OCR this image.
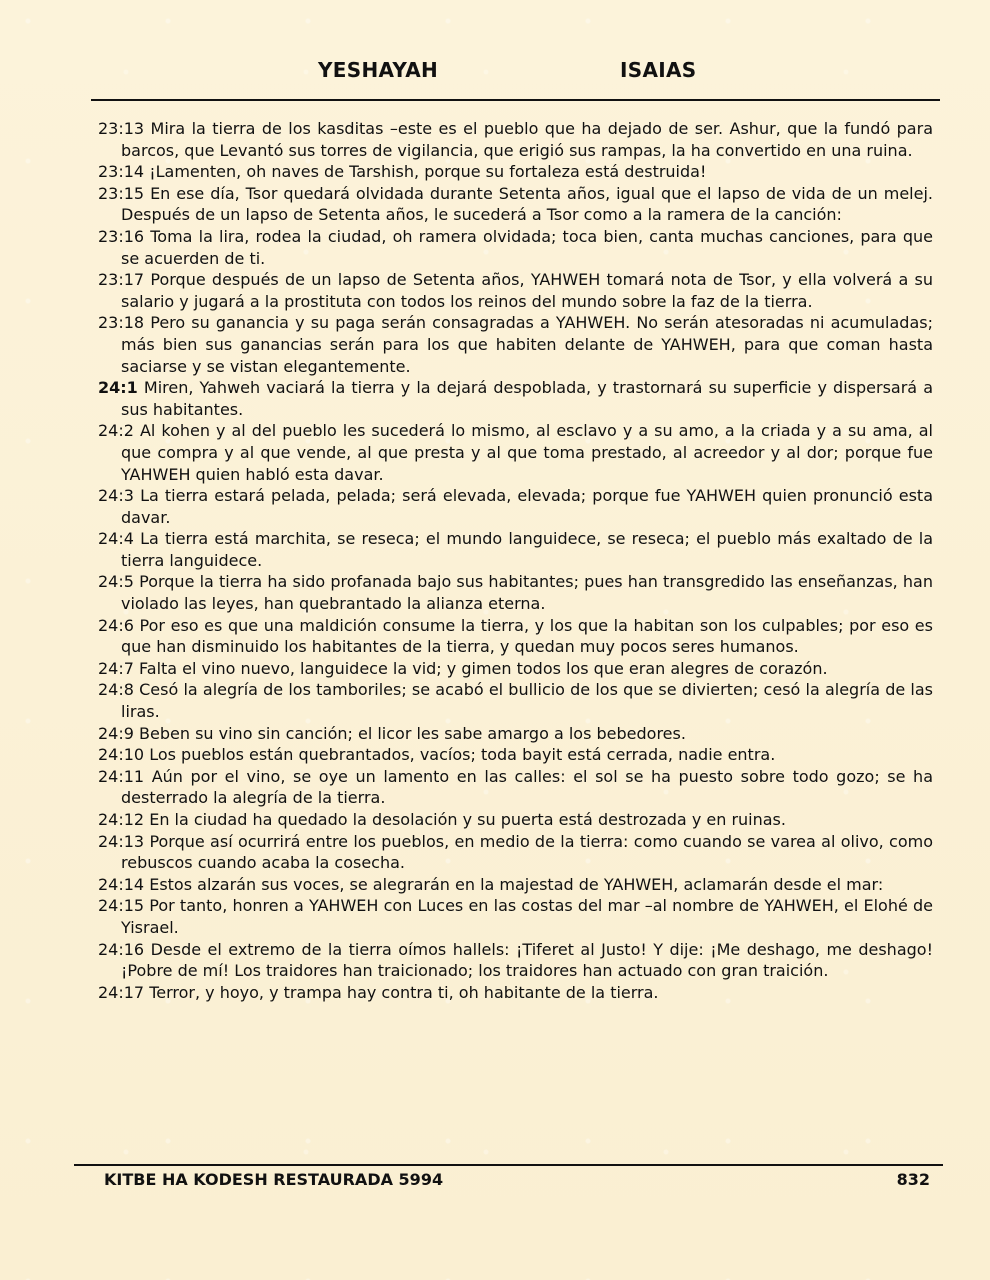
YESHAYAH	ISAIAS

23:13 Mira la tierra de los kasditas –este es el pueblo que ha dejado de ser. Ashur, que la fundó para barcos, que Levantó sus torres de vigilancia, que erigió sus rampas, la ha convertido en una ruina.

23:14 ¡Lamenten, oh naves de Tarshish, porque su fortaleza está destruida!

23:15 En ese día, Tsor quedará olvidada durante Setenta años, igual que el lapso de vida de un melej. Después de un lapso de Setenta años, le sucederá a Tsor como a la ramera de la canción:

23:16 Toma la lira, rodea la ciudad, oh ramera olvidada; toca bien, canta muchas canciones, para que se acuerden de ti.

23:17 Porque después de un lapso de Setenta años, YAHWEH tomará nota de Tsor, y ella volverá a su salario y jugará a la prostituta con todos los reinos del mundo sobre la faz de la tierra.

23:18 Pero su ganancia y su paga serán consagradas a YAHWEH. No serán atesoradas ni acumuladas; más bien sus ganancias serán para los que habiten delante de YAHWEH, para que coman hasta saciarse y se vistan elegantemente.

24:1 Miren, Yahweh vaciará la tierra y la dejará despoblada, y trastornará su superficie y dispersará a sus habitantes.

24:2 Al kohen y al del pueblo les sucederá lo mismo, al esclavo y a su amo, a la criada y a su ama, al que compra y al que vende, al que presta y al que toma prestado, al acreedor y al dor; porque fue YAHWEH quien habló esta davar.

24:3 La tierra estará pelada, pelada; será elevada, elevada; porque fue YAHWEH quien pronunció esta davar.

24:4 La tierra está marchita, se reseca; el mundo languidece, se reseca; el pueblo más exaltado de la tierra languidece.

24:5 Porque la tierra ha sido profanada bajo sus habitantes; pues han transgredido las enseñanzas, han violado las leyes, han quebrantado la alianza eterna.

24:6 Por eso es que una maldición consume la tierra, y los que la habitan son los culpables; por eso es que han disminuido los habitantes de la tierra, y quedan muy pocos seres humanos.

24:7 Falta el vino nuevo, languidece la vid; y gimen todos los que eran alegres de corazón.

24:8 Cesó la alegría de los tamboriles; se acabó el bullicio de los que se divierten; cesó la alegría de las liras.

24:9 Beben su vino sin canción; el licor les sabe amargo a los bebedores.

24:10 Los pueblos están quebrantados, vacíos; toda bayit está cerrada, nadie entra.

24:11 Aún por el vino, se oye un lamento en las calles: el sol se ha puesto sobre todo gozo; se ha desterrado la alegría de la tierra.

24:12 En la ciudad ha quedado la desolación y su puerta está destrozada y en ruinas.

24:13 Porque así ocurrirá entre los pueblos, en medio de la tierra: como cuando se varea al olivo, como rebuscos cuando acaba la cosecha.

24:14 Estos alzarán sus voces, se alegrarán en la majestad de YAHWEH, aclamarán desde el mar:

24:15 Por tanto, honren a YAHWEH con Luces en las costas del mar –al nombre de YAHWEH, el Elohé de Yisrael.

24:16 Desde el extremo de la tierra oímos hallels: ¡Tiferet al Justo! Y dije: ¡Me deshago, me deshago! ¡Pobre de mí! Los traidores han traicionado; los traidores han actuado con gran traición.

24:17 Terror, y hoyo, y trampa hay contra ti, oh habitante de la tierra.

KITBE HA KODESH RESTAURADA 5994	832
